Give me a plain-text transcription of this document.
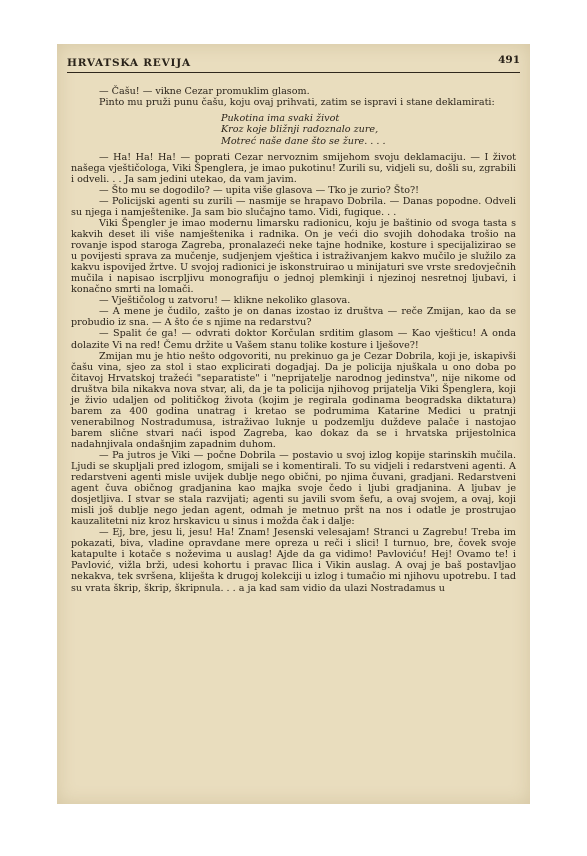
HRVATSKA REVIJA	491

— Čašu! — vikne Cezar promuklim glasom.

Pinto mu pruži punu čašu, koju ovaj prihvati, zatim se ispravi i stane deklamirati:

Pukotina ima svaki život
Kroz koje bližnji radoznalo zure,
Motreć naše dane što se žure. . . .

— Ha! Ha! Ha! — poprati Cezar nervoznim smijehom svoju deklamaciju. — I život našega vještičologa, Viki Špenglera, je imao pukotinu! Zurili su, vidjeli su, došli su, zgrabili i odveli. . . Ja sam jedini utekao, da vam javim.

— Što mu se dogodilo? — upita više glasova — Tko je zurio? Što?!

— Policijski agenti su zurili — nasmije se hrapavo Dobrila. — Danas popodne. Odveli su njega i namještenike. Ja sam bio slučajno tamo. Vidi, fugique. . .

Viki Špengler je imao modernu limarsku radionicu, koju je baštinio od svoga tasta s kakvih deset ili više namještenika i radnika. On je veći dio svojih dohodaka trošio na rovanje ispod staroga Zagreba, pronalazeći neke tajne hodnike, kosture i specijalizirao se u povijesti sprava za mučenje, sudjenjem vještica i istraživanjem kakvo mučilo je služilo za kakvu ispovijed žrtve. U svojoj radionici je iskonstruirao u minijaturi sve vrste sredovječnih mučila i napisao iscrpljivu monografiju o jednoj plemkinji i njezinoj nesretnoj ljubavi, i konačno smrti na lomači.

— Vještičolog u zatvoru! — klikne nekoliko glasova.

— A mene je čudilo, zašto je on danas izostao iz društva — reče Zmijan, kao da se probudio iz sna. — A što će s njime na redarstvu?

— Spalit će ga! — odvrati doktor Korčulan srditim glasom — Kao vješticu! A onda dolazite Vi na red! Čemu držite u Vašem stanu tolike kosture i lješove?!

Zmijan mu je htio nešto odgovoriti, nu prekinuo ga je Cezar Dobrila, koji je, iskapivši čašu vina, sjeo za stol i stao explicirati dogadjaj. Da je policija njuškala u ono doba po čitavoj Hrvatskoj tražeći "separatiste" i "neprijatelje narodnog jedinstva", nije nikome od društva bila nikakva nova stvar, ali, da je ta policija njihovog prijatelja Viki Špenglera, koji je živio udaljen od političkog života (kojim je regirala godinama beogradska diktatura) barem za 400 godina unatrag i kretao se podrumima Katarine Medici u pratnji venerabilnog Nostradumusa, istraživao luknje u podzemlju duždeve palače i nastojao barem slične stvari naći ispod Zagreba, kao dokaz da se i hrvatska prijestolnica nadahnjivala ondašnjim zapadnim duhom.

— Pa jutros je Viki — počne Dobrila — postavio u svoj izlog kopije starinskih mučila. Ljudi se skupljali pred izlogom, smijali se i komentirali. To su vidjeli i redarstveni agenti. A redarstveni agenti misle uvijek dublje nego obični, po njima čuvani, gradjani. Redarstveni agent čuva običnog gradjanina kao majka svoje čedo i ljubi gradjanina. A ljubav je dosjetljiva. I stvar se stala razvijati; agenti su javili svom šefu, a ovaj svojem, a ovaj, koji misli još dublje nego jedan agent, odmah je metnuo pršt na nos i odatle je prostrujao kauzalitetni niz kroz hrskavicu u sinus i možda čak i dalje:

— Ej, bre, jesu li, jesu! Ha! Znam! Jesenski velesajam! Stranci u Zagrebu! Treba im pokazati, biva, vladine opravdane mere opreza u reči i slici! I turnuo, bre, čovek svoje katapulte i kotače s noževima u auslag! Ajde da ga vidimo! Pavloviću! Hej! Ovamo te! i Pavlović, vižla brži, udesi kohortu i pravac Ilica i Vikin auslag. A ovaj je baš postavljao nekakva, tek svršena, kliješta k drugoj kolekciji u izlog i tumačio mi njihovu upotrebu. I tad su vrata škrip, škrip, škripnula. . . a ja kad sam vidio da ulazi Nostradamus u
